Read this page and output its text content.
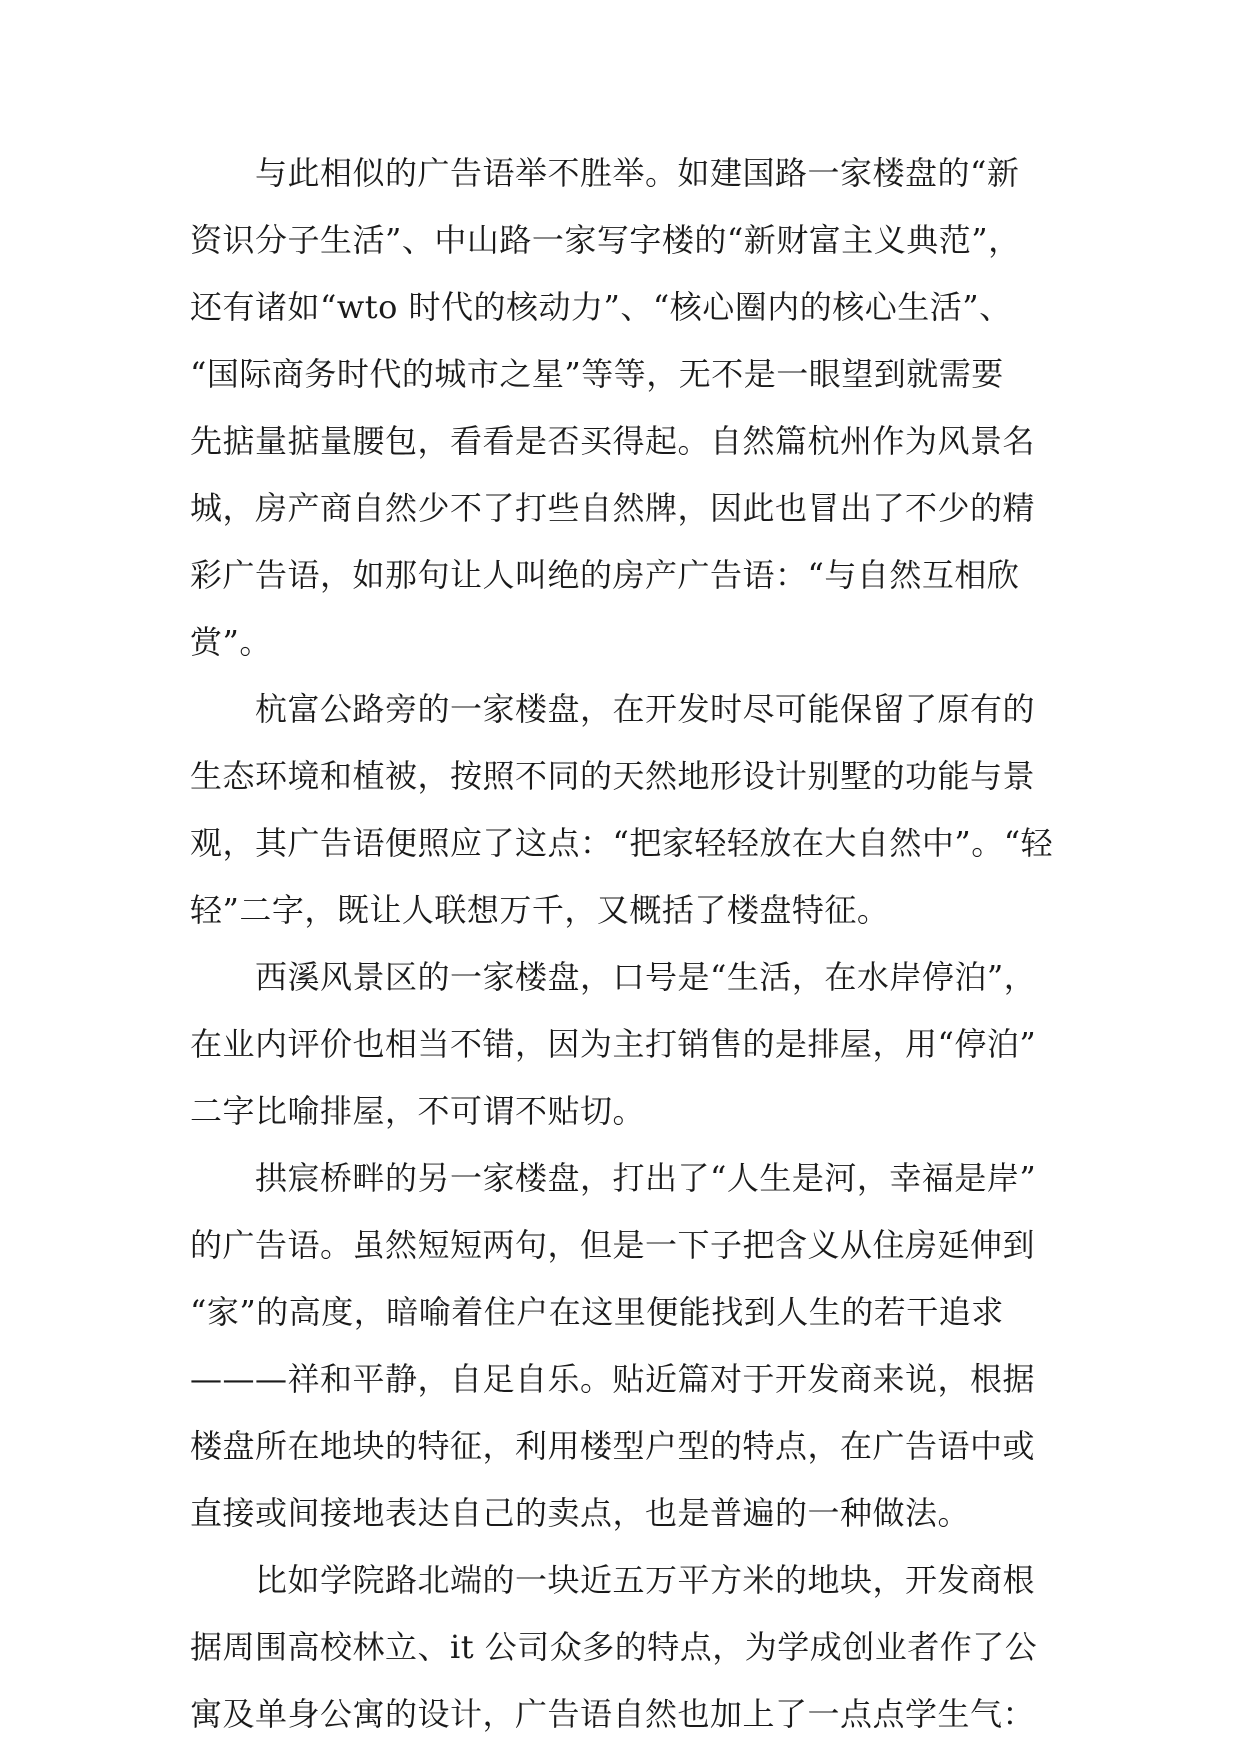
　　与此相似的广告语举不胜举。如建国路一家楼盘的“新
资识分子生活”、中山路一家写字楼的“新财富主义典范”，
还有诸如“wto 时代的核动力”、“核心圈内的核心生活”、
“国际商务时代的城市之星”等等，无不是一眼望到就需要
先掂量掂量腰包，看看是否买得起。自然篇杭州作为风景名
城，房产商自然少不了打些自然牌，因此也冒出了不少的精
彩广告语，如那句让人叫绝的房产广告语：“与自然互相欣
赏”。

　　杭富公路旁的一家楼盘，在开发时尽可能保留了原有的
生态环境和植被，按照不同的天然地形设计别墅的功能与景
观，其广告语便照应了这点：“把家轻轻放在大自然中”。“轻
轻”二字，既让人联想万千，又概括了楼盘特征。

　　西溪风景区的一家楼盘，口号是“生活，在水岸停泊”，
在业内评价也相当不错，因为主打销售的是排屋，用“停泊”
二字比喻排屋，不可谓不贴切。

　　拱宸桥畔的另一家楼盘，打出了“人生是河，幸福是岸”
的广告语。虽然短短两句，但是一下子把含义从住房延伸到
“家”的高度，暗喻着住户在这里便能找到人生的若干追求
———祥和平静，自足自乐。贴近篇对于开发商来说，根据
楼盘所在地块的特征，利用楼型户型的特点，在广告语中或
直接或间接地表达自己的卖点，也是普遍的一种做法。

　　比如学院路北端的一块近五万平方米的地块，开发商根
据周围高校林立、it 公司众多的特点，为学成创业者作了公
寓及单身公寓的设计，广告语自然也加上了一点点学生气：
